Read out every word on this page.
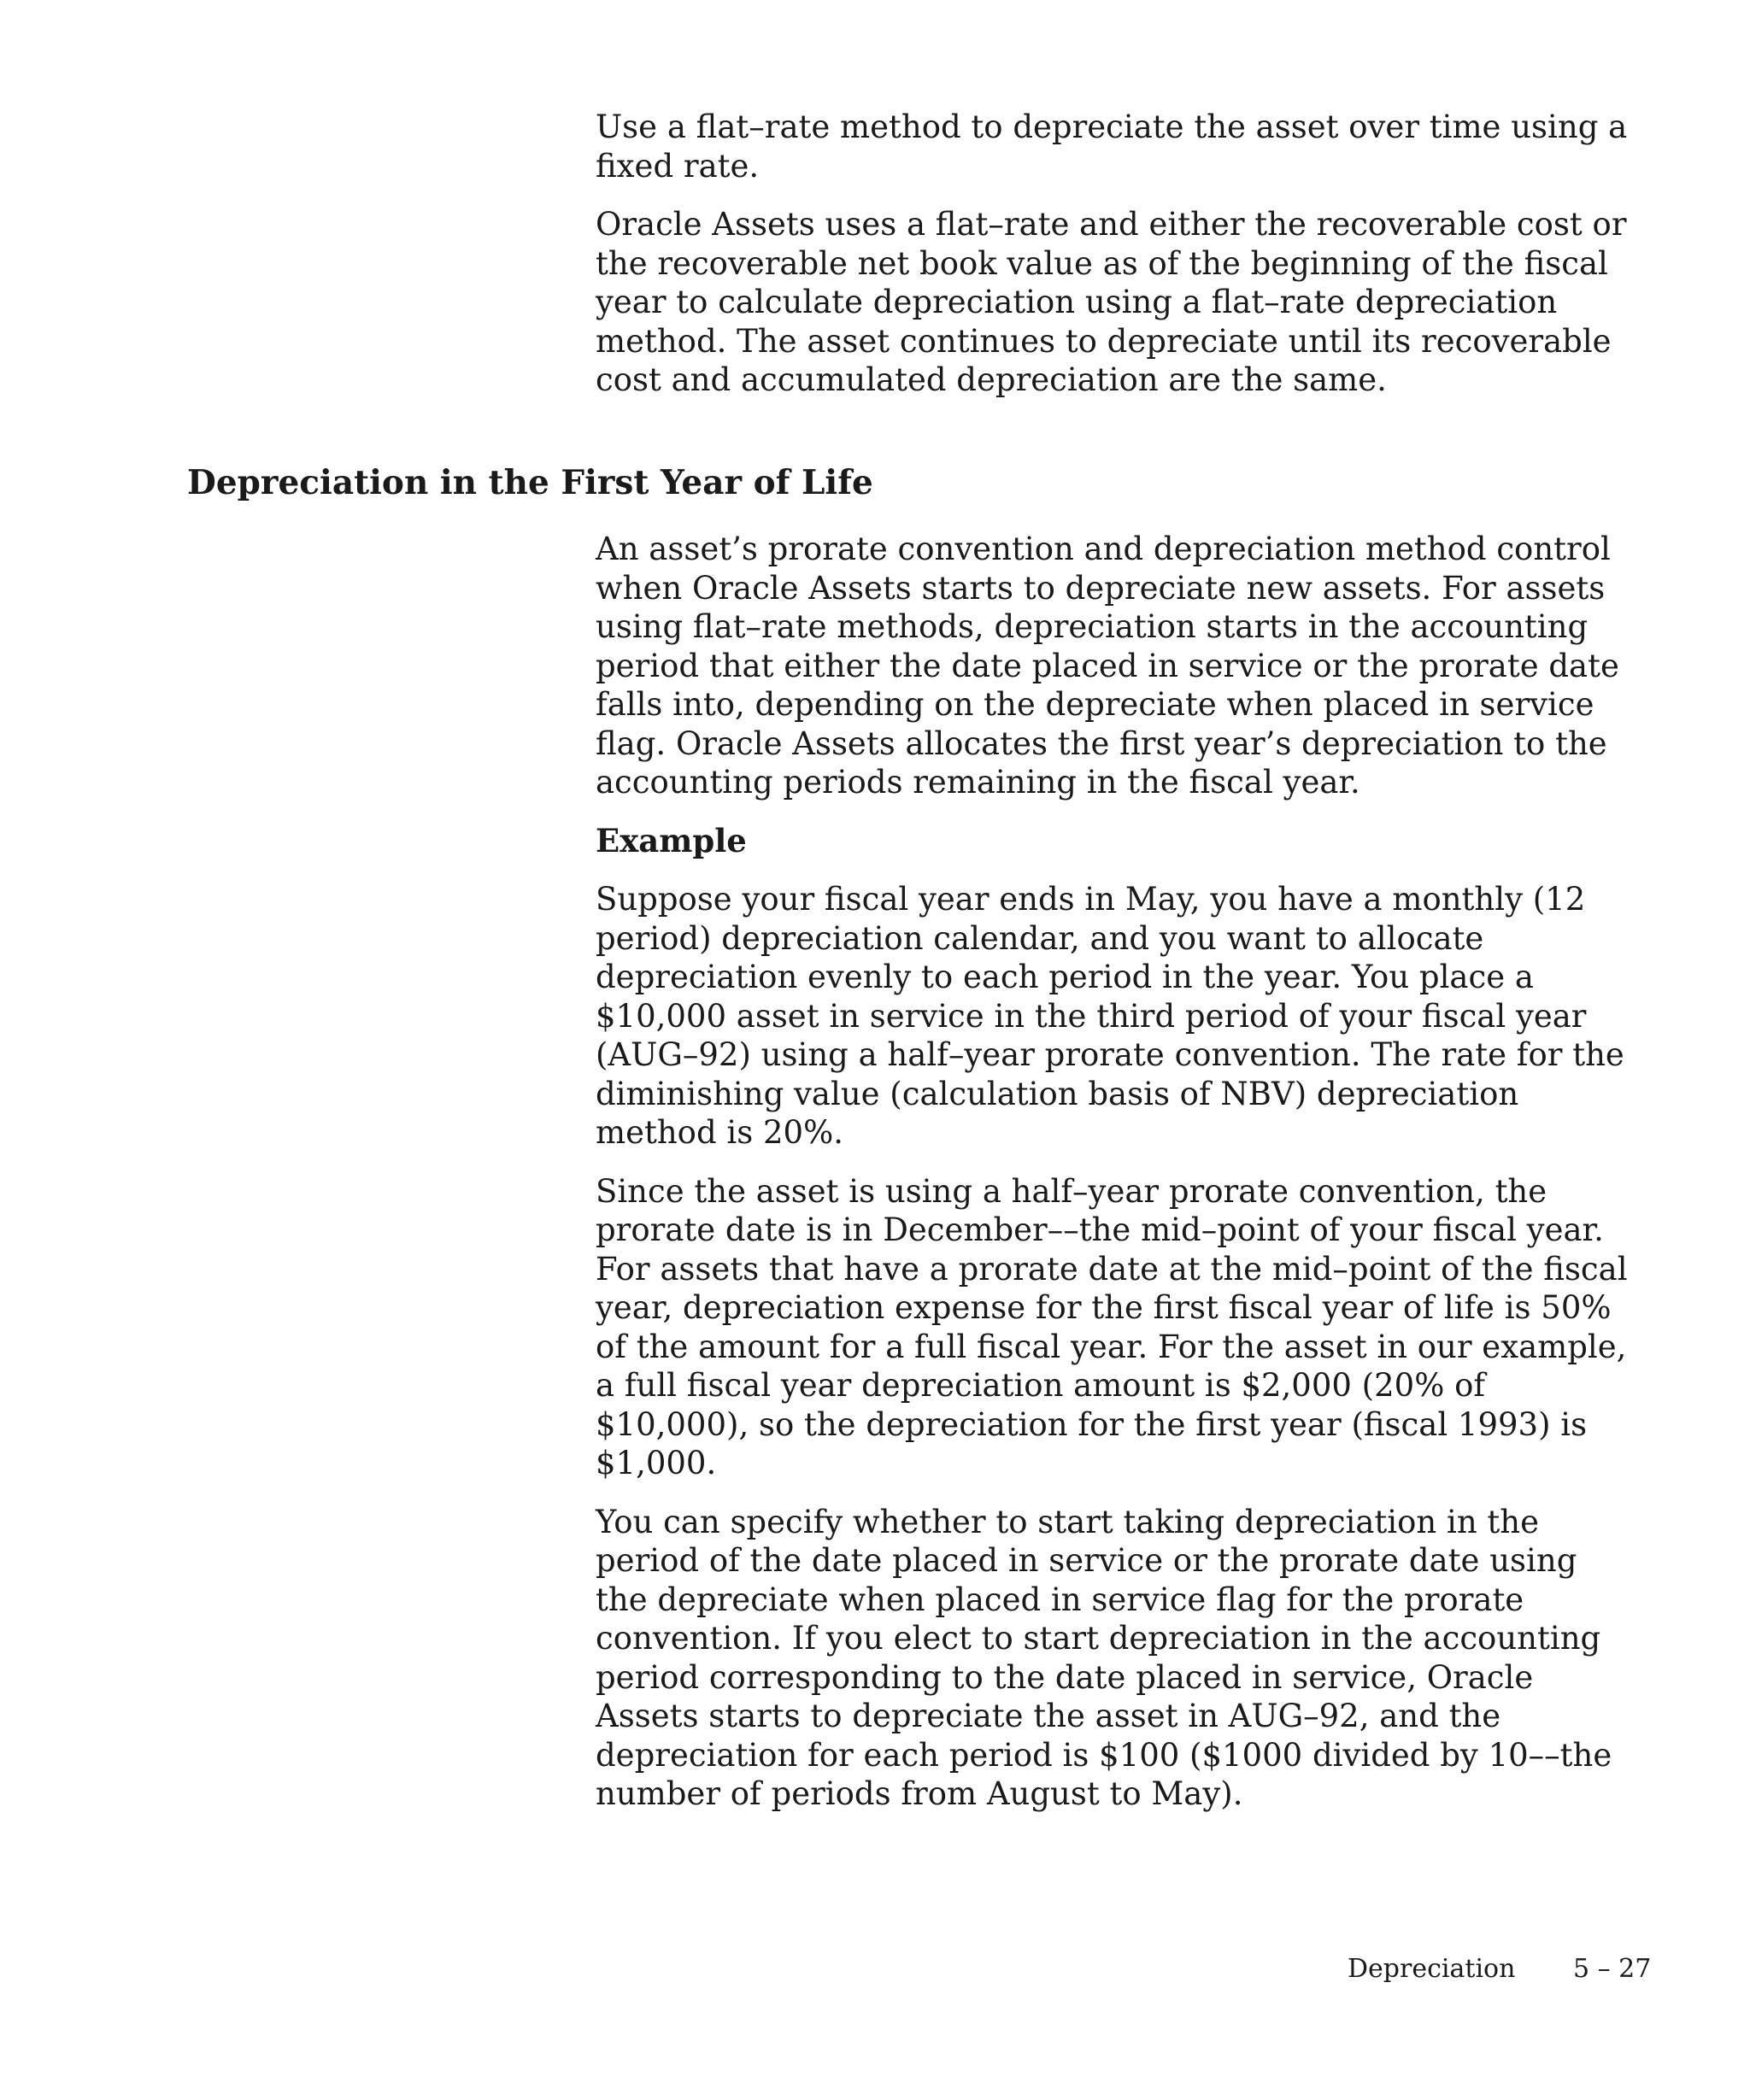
Use a flat–rate method to depreciate the asset over time using a fixed rate.

Oracle Assets uses a flat–rate and either the recoverable cost or the recoverable net book value as of the beginning of the fiscal year to calculate depreciation using a flat–rate depreciation method. The asset continues to depreciate until its recoverable cost and accumulated depreciation are the same.

Depreciation in the First Year of Life

An asset’s prorate convention and depreciation method control when Oracle Assets starts to depreciate new assets. For assets using flat–rate methods, depreciation starts in the accounting period that either the date placed in service or the prorate date falls into, depending on the depreciate when placed in service flag. Oracle Assets allocates the first year’s depreciation to the accounting periods remaining in the fiscal year.

Example

Suppose your fiscal year ends in May, you have a monthly (12 period) depreciation calendar, and you want to allocate depreciation evenly to each period in the year. You place a $10,000 asset in service in the third period of your fiscal year (AUG–92) using a half–year prorate convention. The rate for the diminishing value (calculation basis of NBV) depreciation method is 20%.

Since the asset is using a half–year prorate convention, the prorate date is in December––the mid–point of your fiscal year. For assets that have a prorate date at the mid–point of the fiscal year, depreciation expense for the first fiscal year of life is 50% of the amount for a full fiscal year. For the asset in our example, a full fiscal year depreciation amount is $2,000 (20% of $10,000), so the depreciation for the first year (fiscal 1993) is $1,000.

You can specify whether to start taking depreciation in the period of the date placed in service or the prorate date using the depreciate when placed in service flag for the prorate convention. If you elect to start depreciation in the accounting period corresponding to the date placed in service, Oracle Assets starts to depreciate the asset in AUG–92, and the depreciation for each period is $100 ($1000 divided by 10––the number of periods from August to May).

Depreciation 5 – 27
